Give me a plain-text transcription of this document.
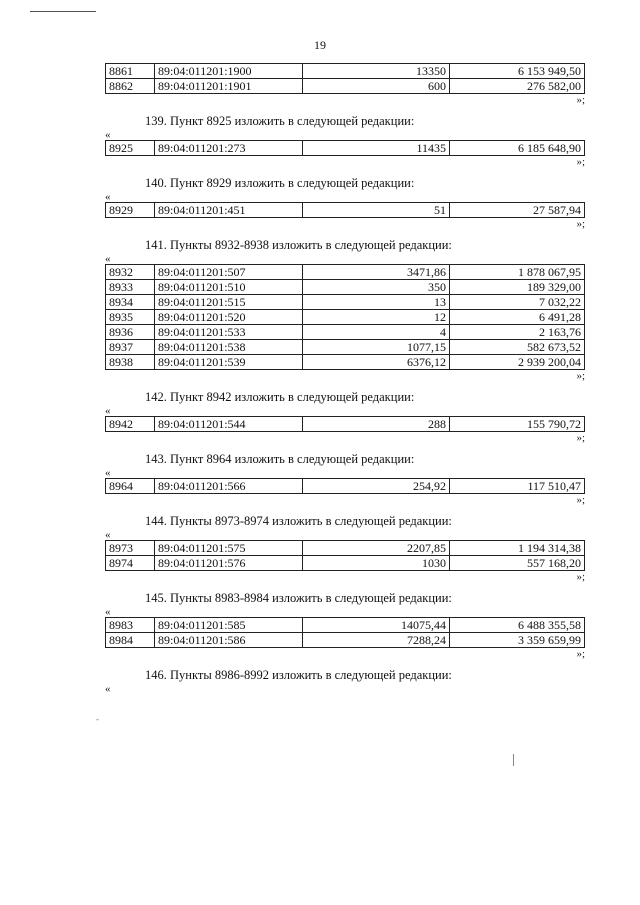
19
8861	89:04:011201:1900	13350	6 153 949,50
8862	89:04:011201:1901	600	276 582,00
»;
139. Пункт 8925 изложить в следующей редакции:
«
8925	89:04:011201:273	11435	6 185 648,90
»;
140. Пункт 8929 изложить в следующей редакции:
«
8929	89:04:011201:451	51	27 587,94
»;
141. Пункты 8932-8938 изложить в следующей редакции:
«
8932	89:04:011201:507	3471,86	1 878 067,95
8933	89:04:011201:510	350	189 329,00
8934	89:04:011201:515	13	7 032,22
8935	89:04:011201:520	12	6 491,28
8936	89:04:011201:533	4	2 163,76
8937	89:04:011201:538	1077,15	582 673,52
8938	89:04:011201:539	6376,12	2 939 200,04
»;
142. Пункт 8942 изложить в следующей редакции:
«
8942	89:04:011201:544	288	155 790,72
»;
143. Пункт 8964 изложить в следующей редакции:
«
8964	89:04:011201:566	254,92	117 510,47
»;
144. Пункты 8973-8974 изложить в следующей редакции:
«
8973	89:04:011201:575	2207,85	1 194 314,38
8974	89:04:011201:576	1030	557 168,20
»;
145. Пункты 8983-8984 изложить в следующей редакции:
«
8983	89:04:011201:585	14075,44	6 488 355,58
8984	89:04:011201:586	7288,24	3 359 659,99
»;
146. Пункты 8986-8992 изложить в следующей редакции:
«
-
